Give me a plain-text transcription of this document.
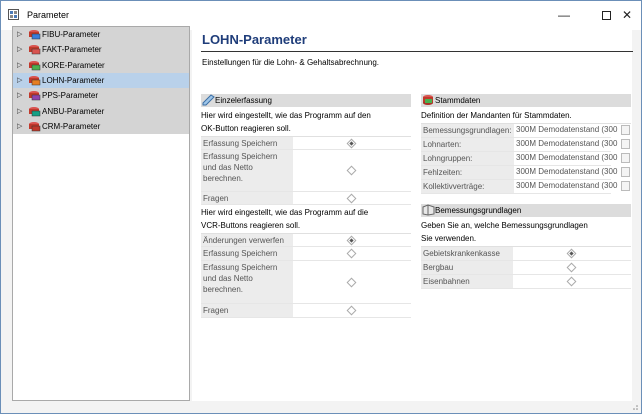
Parameter	—	✕
▷ FIBU-Parameter
▷ FAKT-Parameter
▷ KORE-Parameter
▷ LOHN-Parameter
▷ PPS-Parameter
▷ ANBU-Parameter
▷ CRM-Parameter
LOHN-Parameter
Einstellungen für die Lohn- & Gehaltsabrechnung.
Einzelerfassung
Hier wird eingestellt, wie das Programm auf den
OK-Button reagieren soll.
Erfassung Speichern
Erfassung Speichern
und das Netto
berechnen.
Fragen
Hier wird eingestellt, wie das Programm auf die
VCR-Buttons reagieren soll.
Änderungen verwerfen
Erfassung Speichern
Erfassung Speichern
und das Netto
berechnen.
Fragen
Stammdaten
Definition der Mandanten für Stammdaten.
Bemessungsgrundlagen: 300M Demodatenstand (300
Lohnarten:	300M Demodatenstand (300
Lohngruppen:	300M Demodatenstand (300
Fehlzeiten:	300M Demodatenstand (300
Kollektivverträge:	300M Demodatenstand (300
Bemessungsgrundlagen
Geben Sie an, welche Bemessungsgrundlagen
Sie verwenden.
Gebietskrankenkasse
Bergbau
Eisenbahnen
